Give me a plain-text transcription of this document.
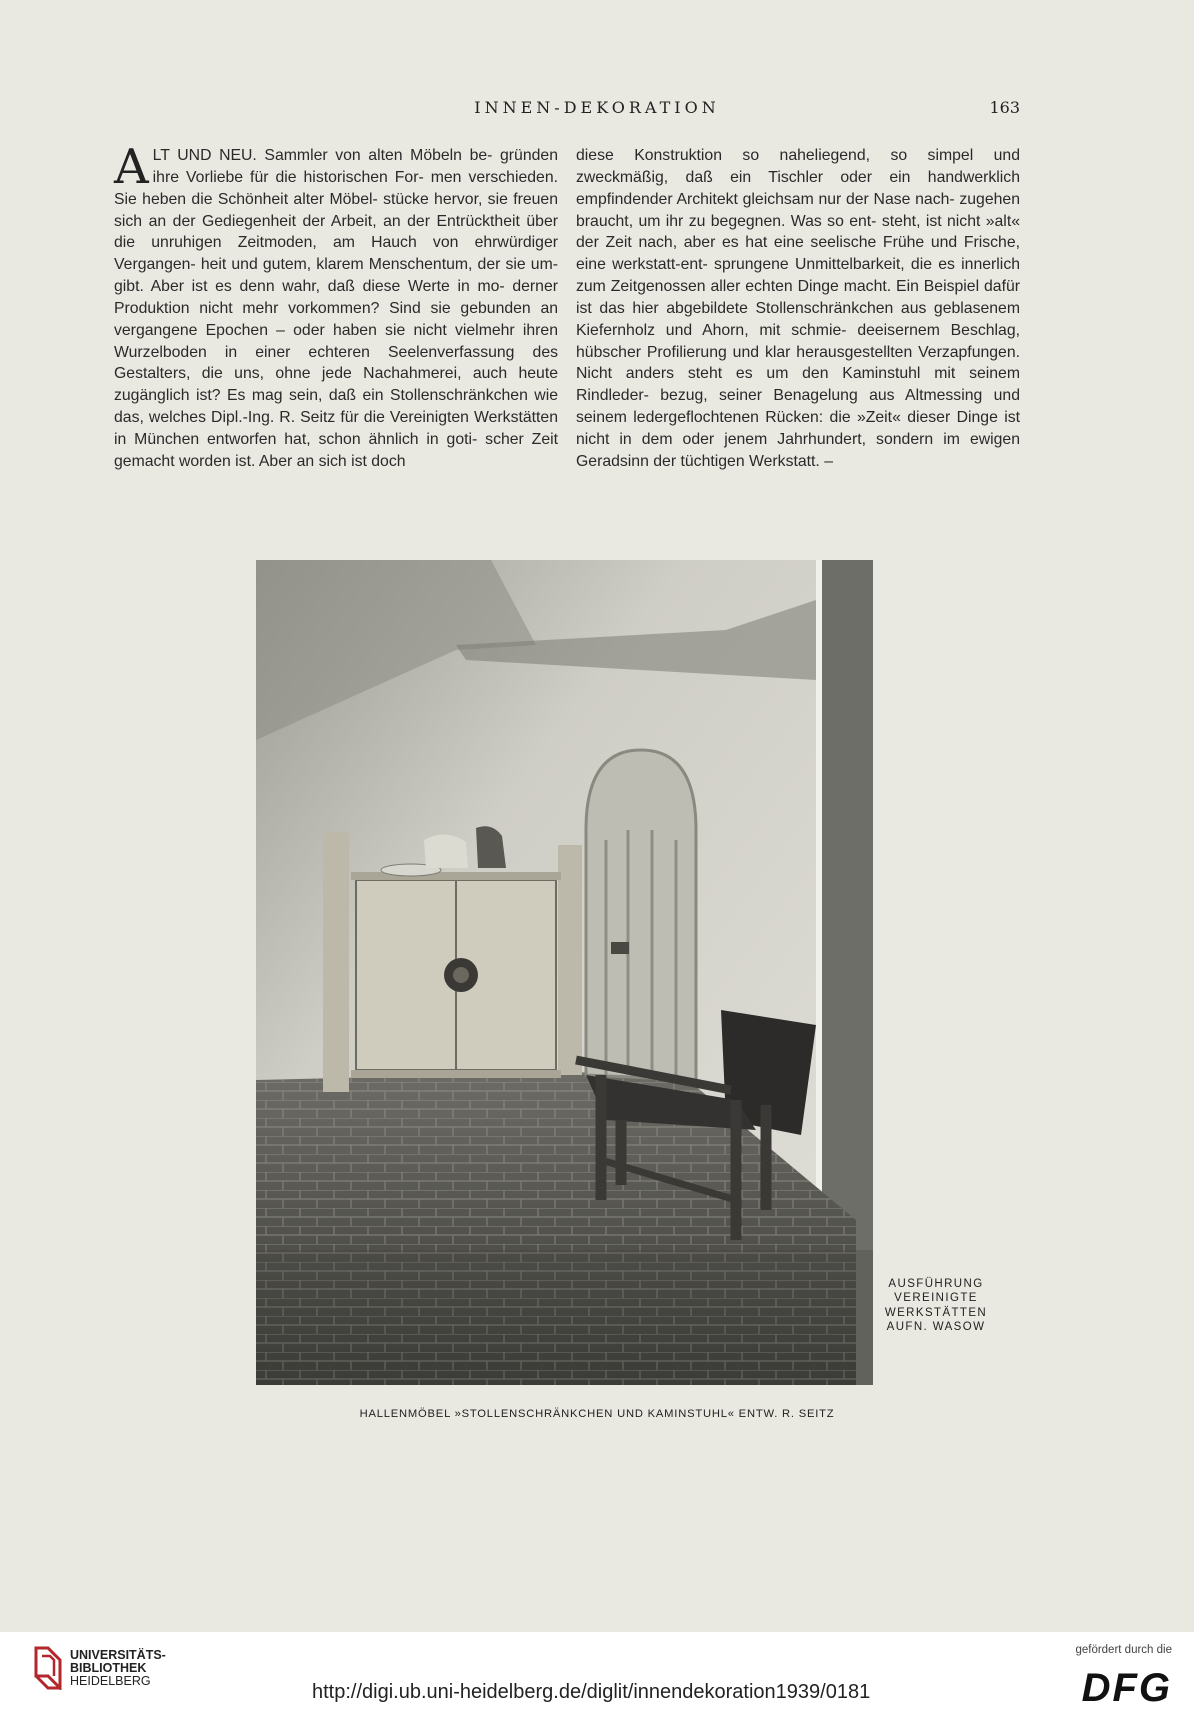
INNEN-DEKORATION	163

ALT UND NEU. Sammler von alten Möbeln be- gründen ihre Vorliebe für die historischen For- men verschieden. Sie heben die Schönheit alter Möbel- stücke hervor, sie freuen sich an der Gediegenheit der Arbeit, an der Entrücktheit über die unruhigen Zeitmoden, am Hauch von ehrwürdiger Vergangen- heit und gutem, klarem Menschentum, der sie um- gibt. Aber ist es denn wahr, daß diese Werte in mo- derner Produktion nicht mehr vorkommen? Sind sie gebunden an vergangene Epochen – oder haben sie nicht vielmehr ihren Wurzelboden in einer echteren Seelenverfassung des Gestalters, die uns, ohne jede Nachahmerei, auch heute zugänglich ist? Es mag sein, daß ein Stollenschränkchen wie das, welches Dipl.-Ing. R. Seitz für die Vereinigten Werkstätten in München entworfen hat, schon ähnlich in goti- scher Zeit gemacht worden ist. Aber an sich ist doch

diese Konstruktion so naheliegend, so simpel und zweckmäßig, daß ein Tischler oder ein handwerklich empfindender Architekt gleichsam nur der Nase nach- zugehen braucht, um ihr zu begegnen. Was so ent- steht, ist nicht »alt« der Zeit nach, aber es hat eine seelische Frühe und Frische, eine werkstatt-ent- sprungene Unmittelbarkeit, die es innerlich zum Zeitgenossen aller echten Dinge macht. Ein Beispiel dafür ist das hier abgebildete Stollenschränkchen aus geblasenem Kiefernholz und Ahorn, mit schmie- deeisernem Beschlag, hübscher Profilierung und klar herausgestellten Verzapfungen. Nicht anders steht es um den Kaminstuhl mit seinem Rindleder- bezug, seiner Benagelung aus Altmessing und seinem ledergeflochtenen Rücken: die »Zeit« dieser Dinge ist nicht in dem oder jenem Jahrhundert, sondern im ewigen Geradsinn der tüchtigen Werkstatt. –

AUSFÜHRUNG
VEREINIGTE
WERKSTÄTTEN
AUFN. WASOW
HALLENMÖBEL »STOLLENSCHRÄNKCHEN UND KAMINSTUHL« ENTW. R. SEITZ
UNIVERSITÄTS-
BIBLIOTHEK
HEIDELBERG	http://digi.ub.uni-heidelberg.de/diglit/innendekoration1939/0181
gefördert durch die
DFG
